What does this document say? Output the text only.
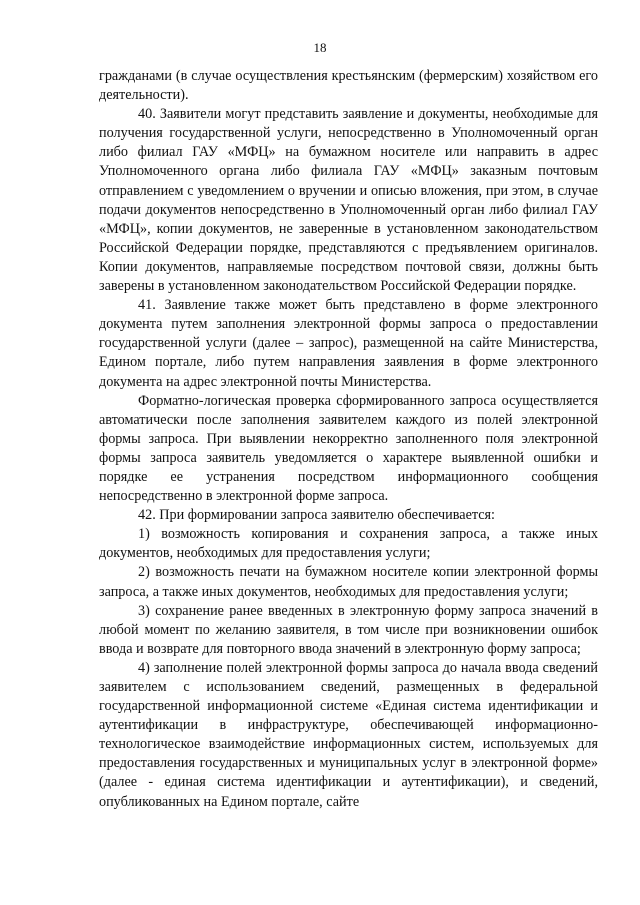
18

гражданами (в случае осуществления крестьянским (фермерским) хозяйством его деятельности).

40. Заявители могут представить заявление и документы, необходимые для получения государственной услуги, непосредственно в Уполномоченный орган либо филиал ГАУ «МФЦ» на бумажном носителе или направить в адрес Уполномоченного органа либо филиала ГАУ «МФЦ» заказным почтовым отправлением с уведомлением о вручении и описью вложения, при этом, в случае подачи документов непосредственно в Уполномоченный орган либо филиал ГАУ «МФЦ», копии документов, не заверенные в установленном законодательством Российской Федерации порядке, представляются с предъявлением оригиналов. Копии документов, направляемые посредством почтовой связи, должны быть заверены в установленном законодательством Российской Федерации порядке.

41. Заявление также может быть представлено в форме электронного документа путем заполнения электронной формы запроса о предоставлении государственной услуги (далее – запрос), размещенной на сайте Министерства, Едином портале, либо путем направления заявления в форме электронного документа на адрес электронной почты Министерства.

Форматно-логическая проверка сформированного запроса осуществляется автоматически после заполнения заявителем каждого из полей электронной формы запроса. При выявлении некорректно заполненного поля электронной формы запроса заявитель уведомляется о характере выявленной ошибки и порядке ее устранения посредством информационного сообщения непосредственно в электронной форме запроса.

42. При формировании запроса заявителю обеспечивается:

1) возможность копирования и сохранения запроса, а также иных документов, необходимых для предоставления услуги;

2) возможность печати на бумажном носителе копии электронной формы запроса, а также иных документов, необходимых для предоставления услуги;

3) сохранение ранее введенных в электронную форму запроса значений в любой момент по желанию заявителя, в том числе при возникновении ошибок ввода и возврате для повторного ввода значений в электронную форму запроса;

4) заполнение полей электронной формы запроса до начала ввода сведений заявителем с использованием сведений, размещенных в федеральной государственной информационной системе «Единая система идентификации и аутентификации в инфраструктуре, обеспечивающей информационно-технологическое взаимодействие информационных систем, используемых для предоставления государственных и муниципальных услуг в электронной форме» (далее - единая система идентификации и аутентификации), и сведений, опубликованных на Едином портале, сайте
